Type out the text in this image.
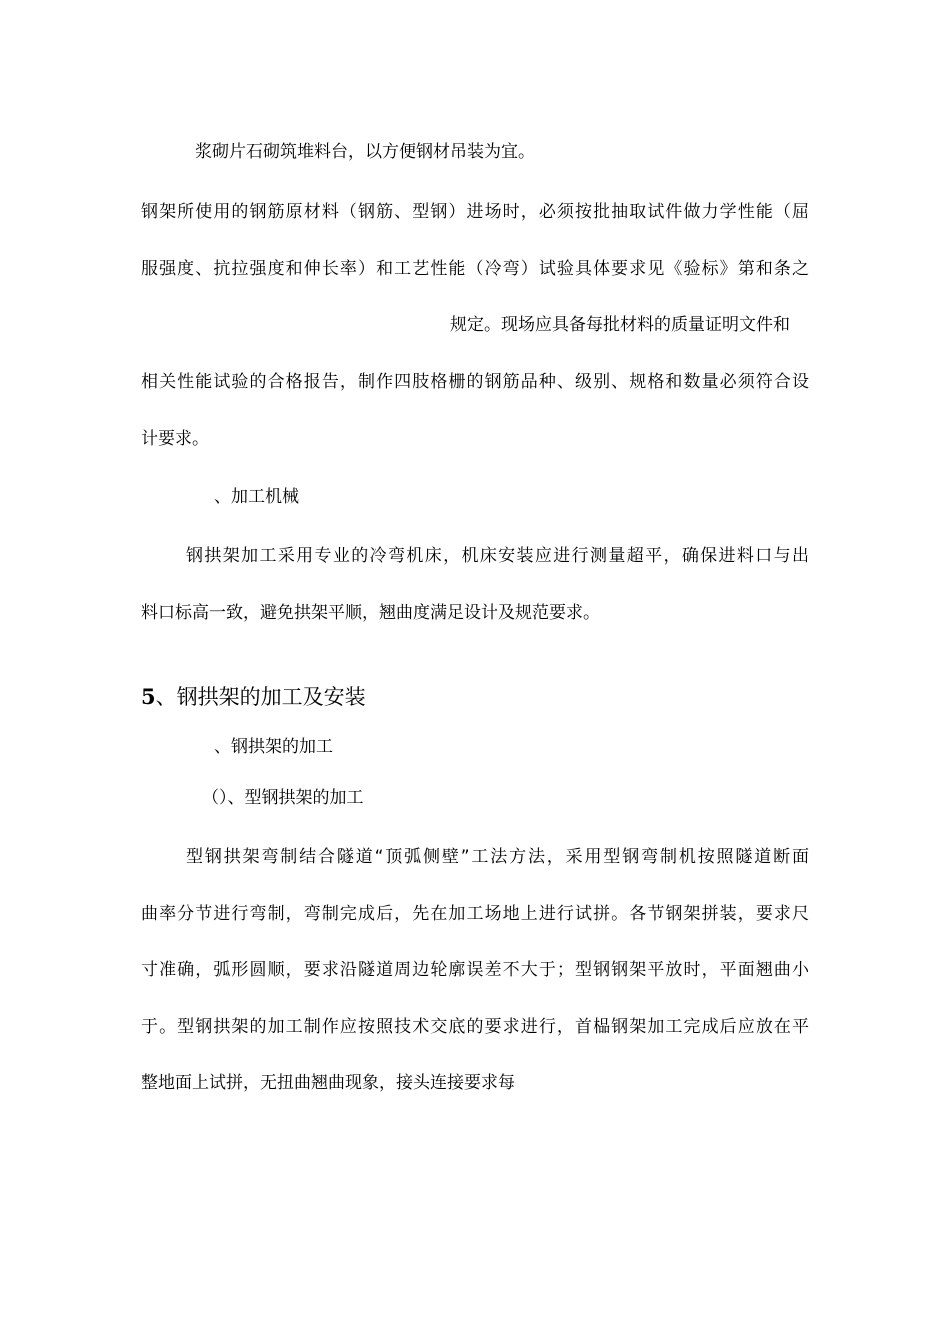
浆砌片石砌筑堆料台，以方便钢材吊装为宜。
钢架所使用的钢筋原材料（钢筋、型钢）进场时，必须按批抽取试件做力学性能（屈
服强度、抗拉强度和伸长率）和工艺性能（冷弯）试验具体要求见《验标》第和条之
规定。现场应具备每批材料的质量证明文件和
相关性能试验的合格报告，制作四肢格栅的钢筋品种、级别、规格和数量必须符合设
计要求。
、加工机械
钢拱架加工采用专业的冷弯机床，机床安装应进行测量超平，确保进料口与出
料口标高一致，避免拱架平顺，翘曲度满足设计及规范要求。
5、钢拱架的加工及安装
、钢拱架的加工
（）、型钢拱架的加工
型钢拱架弯制结合隧道“顶弧侧壁”工法方法，采用型钢弯制机按照隧道断面
曲率分节进行弯制，弯制完成后，先在加工场地上进行试拼。各节钢架拼装，要求尺
寸准确，弧形圆顺，要求沿隧道周边轮廓误差不大于；型钢钢架平放时，平面翘曲小
于。型钢拱架的加工制作应按照技术交底的要求进行，首榀钢架加工完成后应放在平
整地面上试拼，无扭曲翘曲现象，接头连接要求每
